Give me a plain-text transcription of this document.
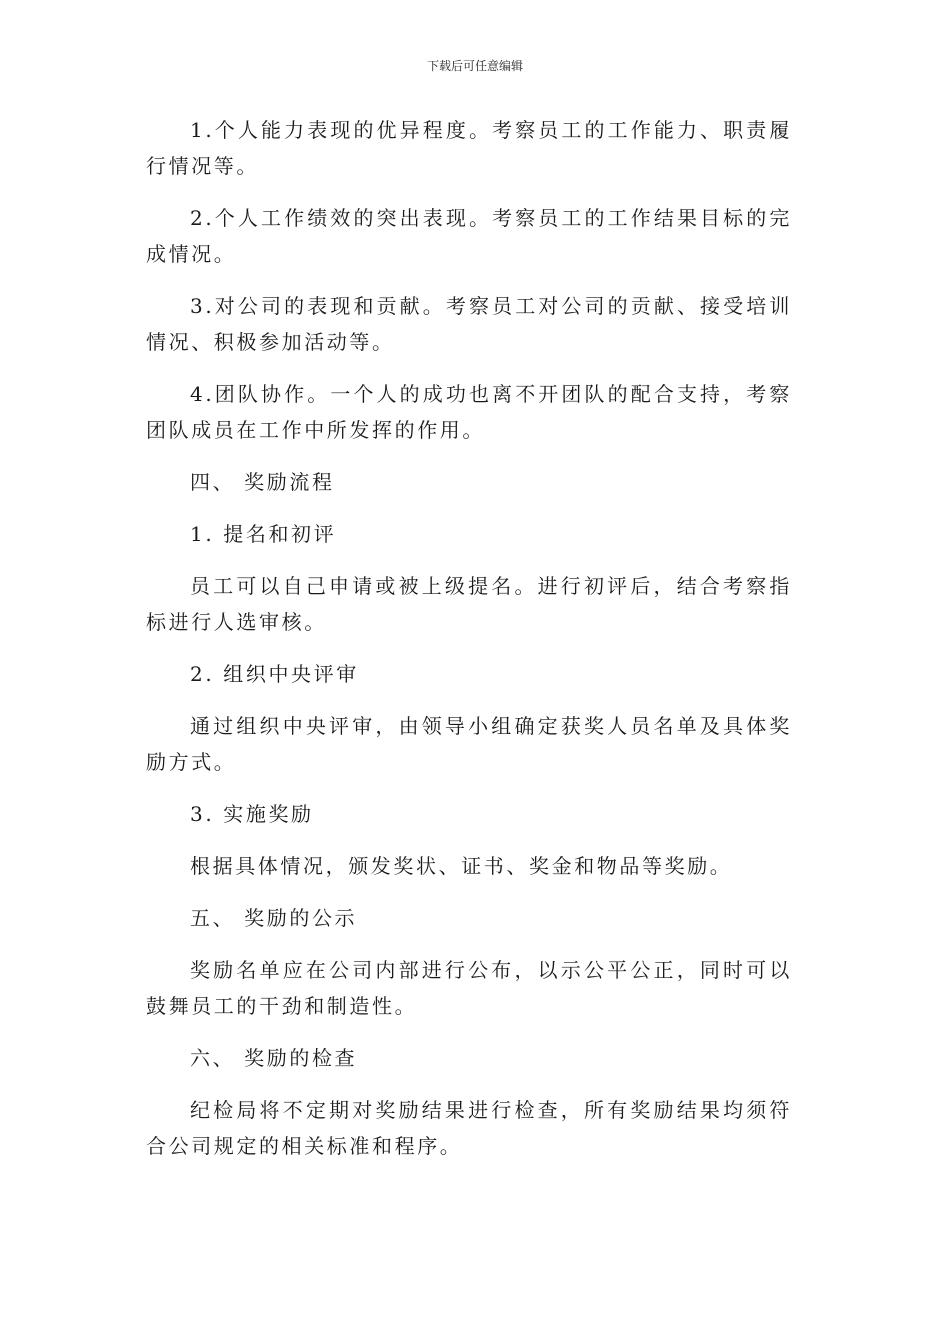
下载后可任意编辑

1.个人能力表现的优异程度。考察员工的工作能力、职责履行情况等。

2.个人工作绩效的突出表现。考察员工的工作结果目标的完成情况。

3.对公司的表现和贡献。考察员工对公司的贡献、接受培训情况、积极参加活动等。

4.团队协作。一个人的成功也离不开团队的配合支持，考察团队成员在工作中所发挥的作用。

四、 奖励流程
1. 提名和初评

员工可以自己申请或被上级提名。进行初评后，结合考察指标进行人选审核。

2. 组织中央评审

通过组织中央评审，由领导小组确定获奖人员名单及具体奖励方式。

3. 实施奖励

根据具体情况，颁发奖状、证书、奖金和物品等奖励。

五、 奖励的公示

奖励名单应在公司内部进行公布，以示公平公正，同时可以鼓舞员工的干劲和制造性。

六、 奖励的检查

纪检局将不定期对奖励结果进行检查，所有奖励结果均须符合公司规定的相关标准和程序。
